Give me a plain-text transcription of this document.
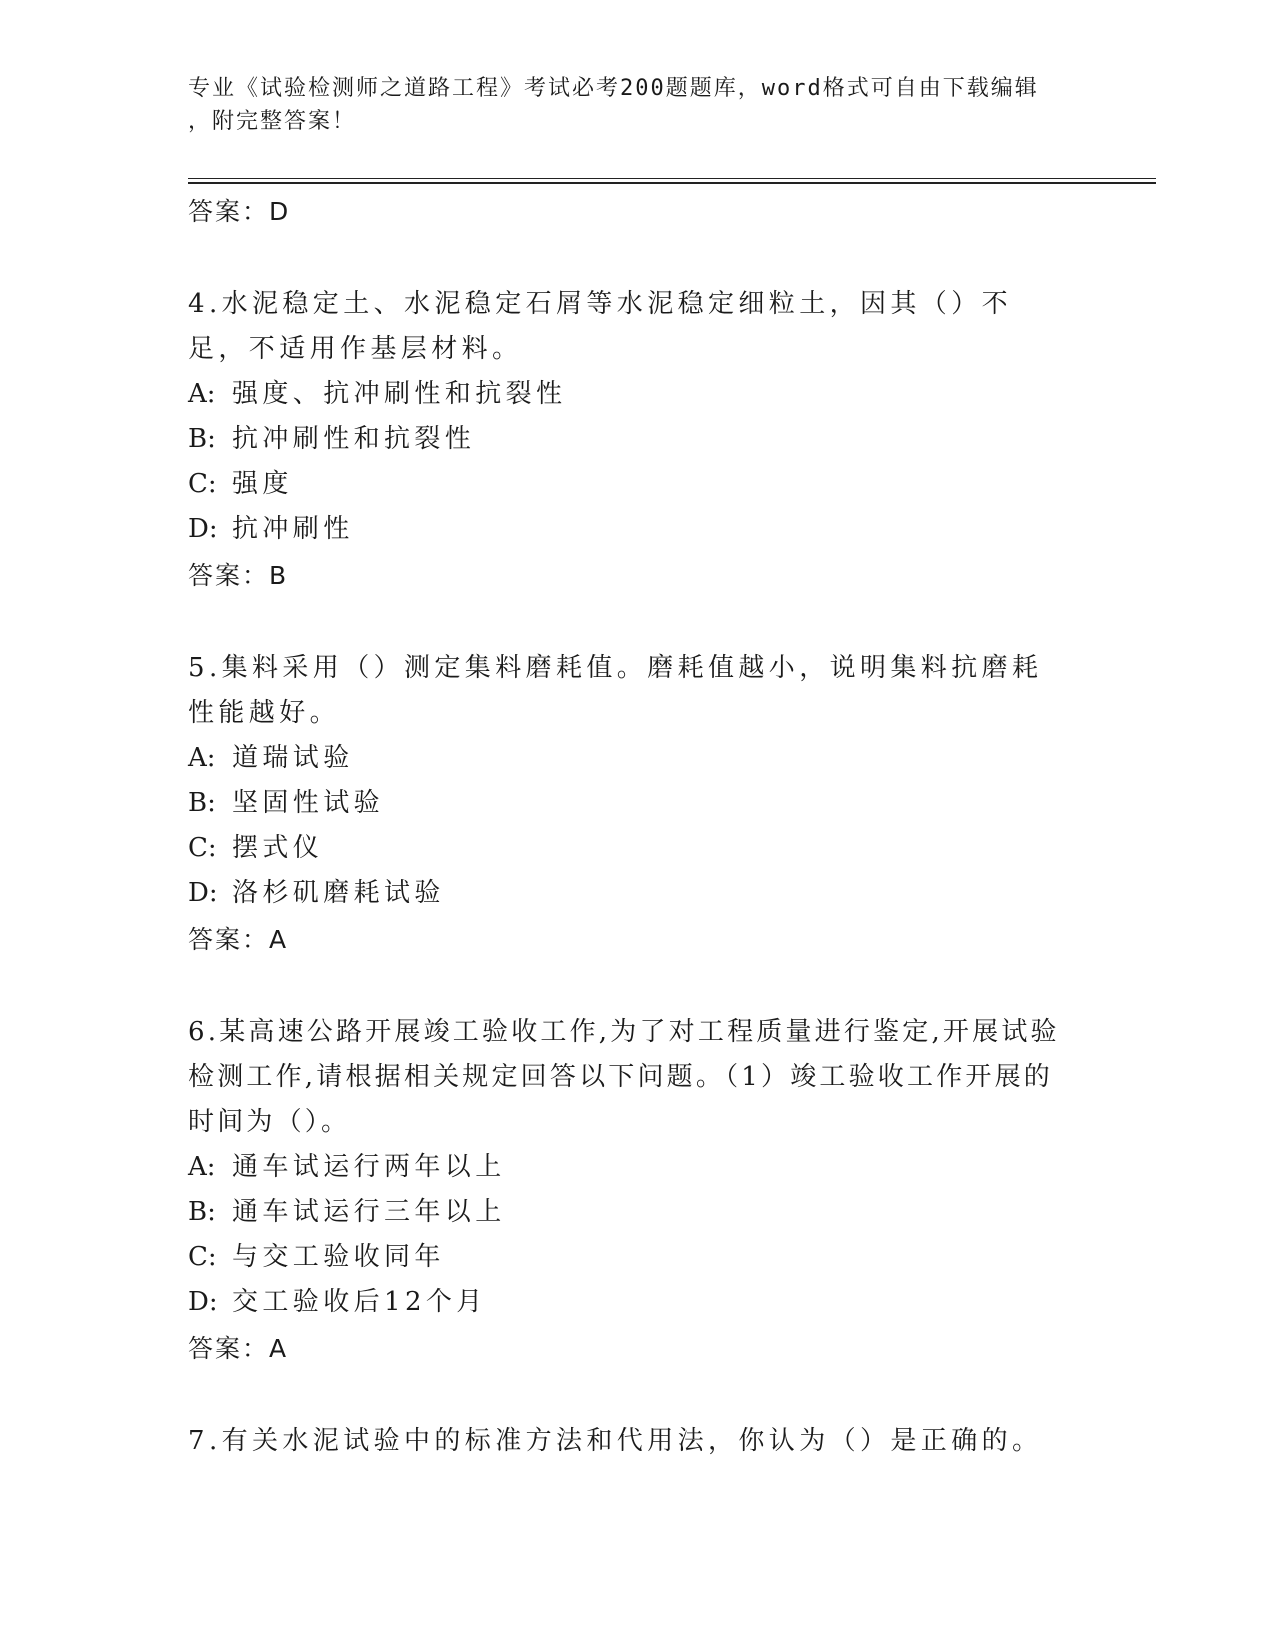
专业《试验检测师之道路工程》考试必考200题题库，word格式可自由下载编辑
，附完整答案！
答案：D
4.水泥稳定土、水泥稳定石屑等水泥稳定细粒土，因其（）不足，不适用作基层材料。
A: 强度、抗冲刷性和抗裂性
B: 抗冲刷性和抗裂性
C: 强度
D: 抗冲刷性
答案：B
5.集料采用（）测定集料磨耗值。磨耗值越小，说明集料抗磨耗性能越好。
A: 道瑞试验
B: 坚固性试验
C: 摆式仪
D: 洛杉矶磨耗试验
答案：A
6.某高速公路开展竣工验收工作,为了对工程质量进行鉴定,开展试验检测工作,请根据相关规定回答以下问题。（1）竣工验收工作开展的时间为（）。
A: 通车试运行两年以上
B: 通车试运行三年以上
C: 与交工验收同年
D: 交工验收后12个月
答案：A
7.有关水泥试验中的标准方法和代用法，你认为（）是正确的。
